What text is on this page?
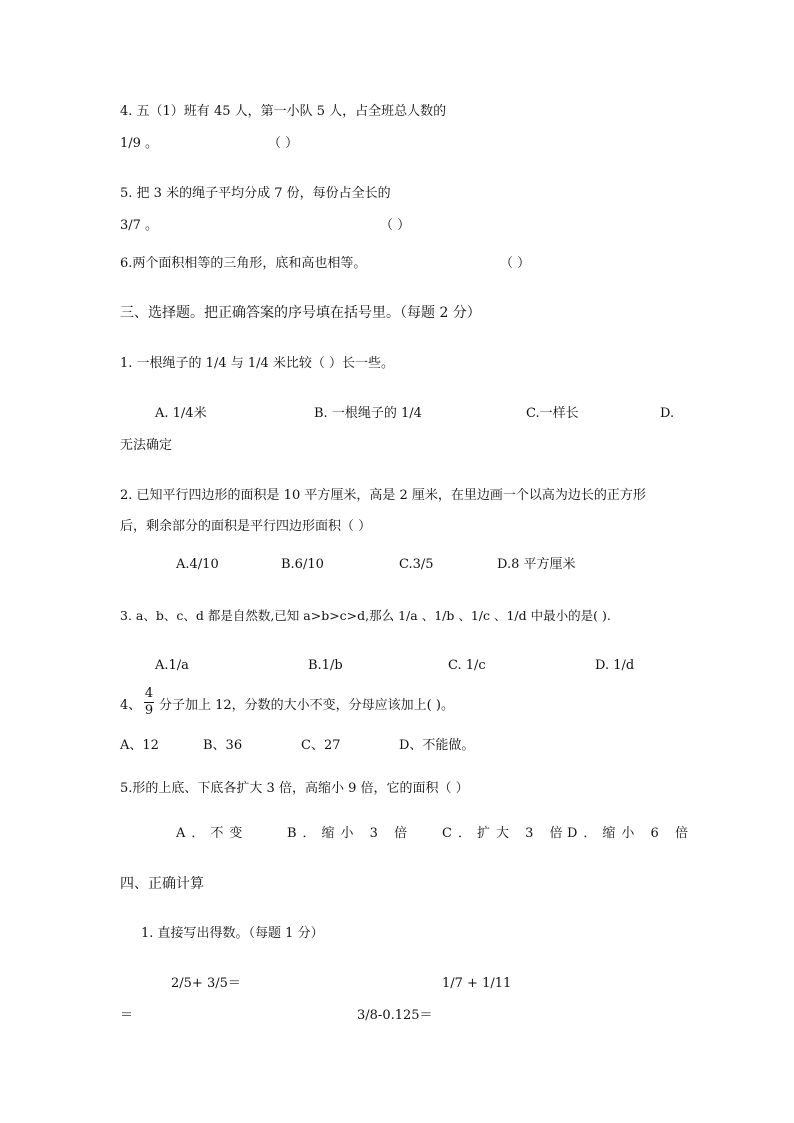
4. 五（1）班有 45 人，第一小队 5 人，占全班总人数的
1/9 。	（ ）
5. 把 3 米的绳子平均分成 7 份，每份占全长的
3/7 。	（ ）
6.两个面积相等的三角形，底和高也相等。	（ ）
三、选择题。把正确答案的序号填在括号里。（每题 2 分）
1. 一根绳子的 1/4 与 1/4 米比较（ ）长一些。
A. 1/4米	B. 一根绳子的 1/4	C.一样长	D.
无法确定
2. 已知平行四边形的面积是 10 平方厘米，高是 2 厘米，在里边画一个以高为边长的正方形
后，剩余部分的面积是平行四边形面积（ ）
A.4/10	B.6/10	C.3/5	D.8 平方厘米
3. a、b、c、d 都是自然数,已知 a>b>c>d,那么 1/a 、1/b 、1/c 、1/d 中最小的是( ).
A.1/a	B.1/b	C. 1/c	D. 1/d
4、
4
9 分子加上 12，分数的大小不变，分母应该加上( )。
A、12	B、36	C、27	D、不能做。
5.形的上底、下底各扩大 3 倍，高缩小 9 倍，它的面积（ ）
A．不变	B．缩小 3 倍 C．扩大 3 倍
D．缩小 6 倍
四、正确计算
1. 直接写出得数。（每题 1 分）
2/5+ 3/5＝	1/7 + 1/11
＝	3/8-0.125＝
